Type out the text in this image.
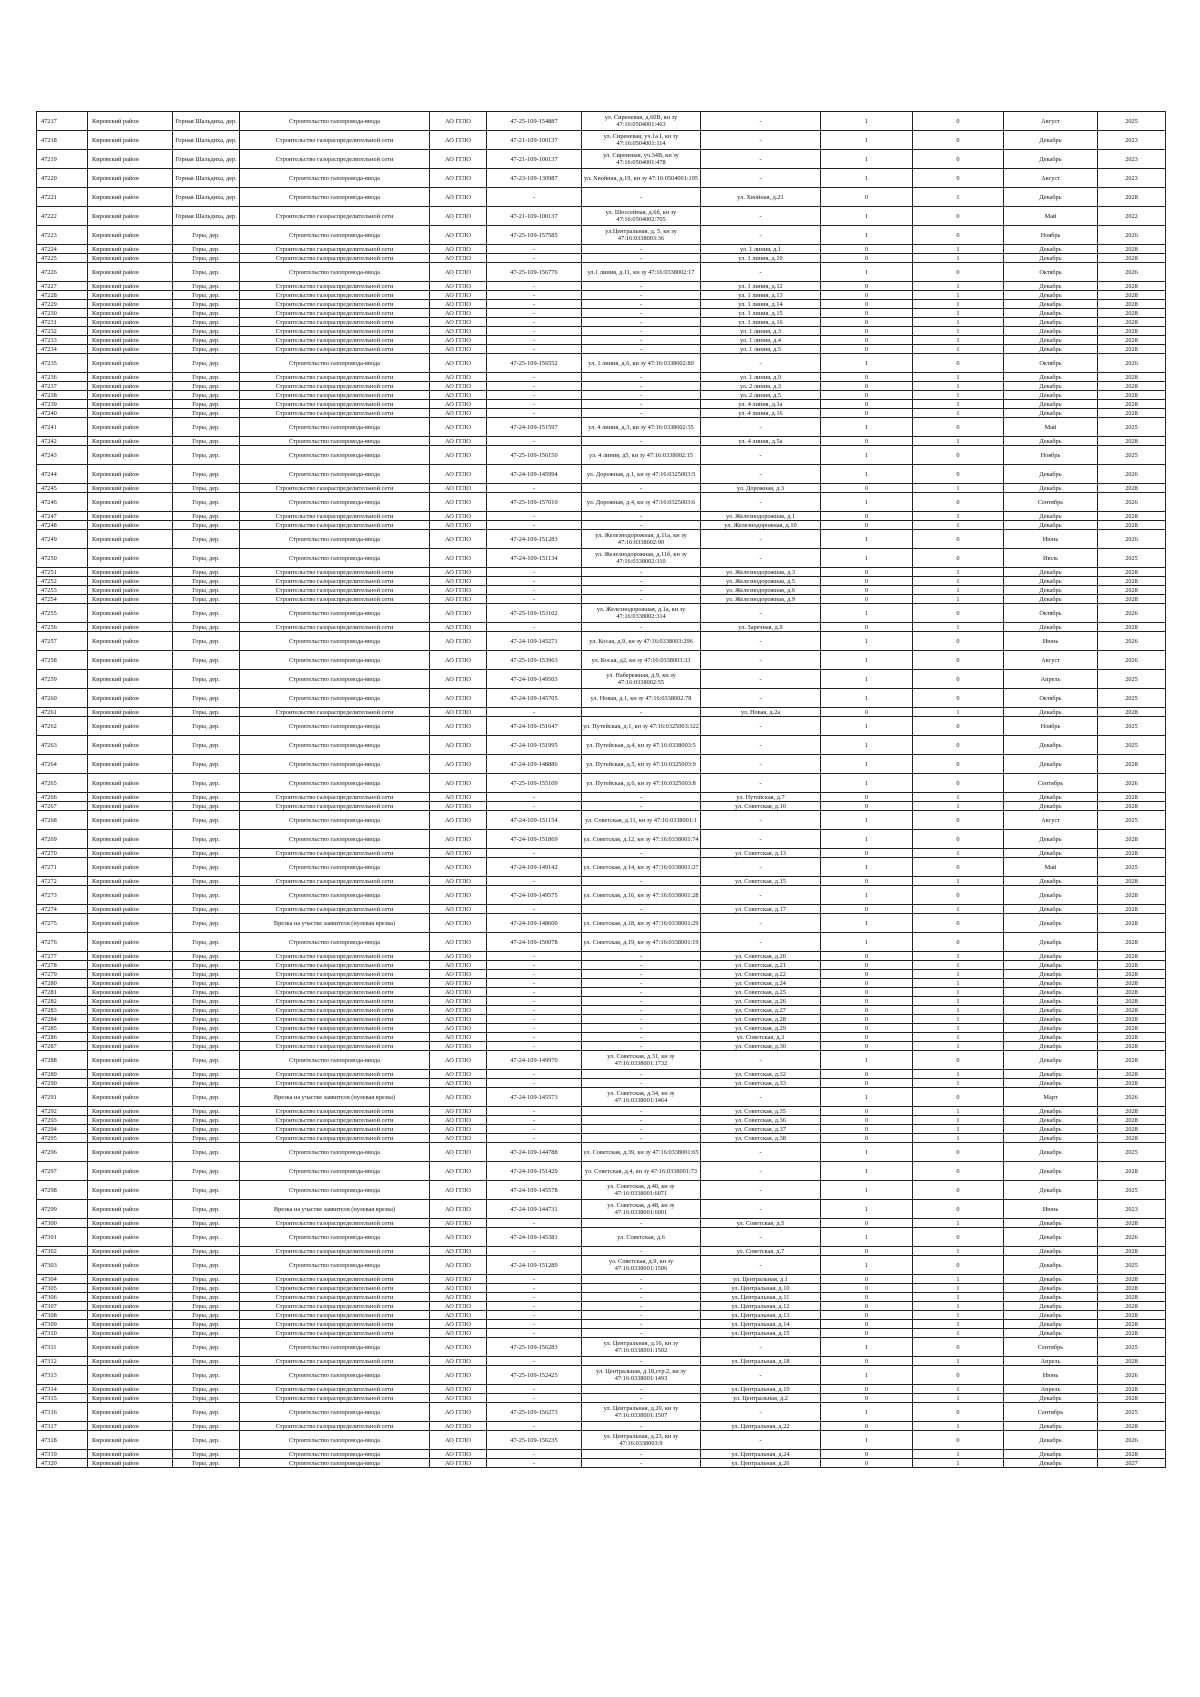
47217	Кировский район	Горная Шальдиха, дер.	Строительство газопровода-ввода	АО ГГЛО	47-25-109-154887	ул. Сиреневая, д.60В, кн зу 47:16:0504001:463	-	1	0	Август	2025
47218	Кировский район	Горная Шальдиха, дер.	Строительство газораспределительной сети	АО ГГЛО	47-21-109-100137	ул. Сиреневая, уч.1а I, кн зу 47:16:0504001:114	-	1	0	Декабрь	2023
47219	Кировский район	Горная Шальдиха, дер.	Строительство газораспределительной сети	АО ГГЛО	47-21-109-100137	ул. Сиреневая, уч.34В, кн зу 47:16:0504001:478	-	1	0	Декабрь	2023
47220	Кировский район	Горная Шальдиха, дер.	Строительство газопровода-ввода	АО ГГЛО	47-23-109-130987	ул. Хвойная, д.19, кн зу 47:16:0504001:195	-	1	0	Август	2023
47221	Кировский район	Горная Шальдиха, дер.	Строительство газопровода-ввода	АО ГГЛО	-	-	ул. Хвойная, д.21	0	1	Декабрь	2028
47222	Кировский район	Горная Шальдиха, дер.	Строительство газораспределительной сети	АО ГГЛО	47-21-109-100137	ул. Шоссейная, д.6б, кн зу 47:16:0504002:705	-	1	0	Май	2022
47223	Кировский район	Горы, дер.	Строительство газопровода-ввода	АО ГГЛО	47-25-109-157585	ул.Центральная, д. 5, кн зу 47:16:0338003:36	-	1	0	Ноябрь	2026
47224	Кировский район	Горы, дер.	Строительство газораспределительной сети	АО ГГЛО	-	-	ул. 1 линия, д.1	0	1	Декабрь	2028
47225	Кировский район	Горы, дер.	Строительство газораспределительной сети	АО ГГЛО	-	-	ул. 1 линия, д.10	0	1	Декабрь	2028
47226	Кировский район	Горы, дер.	Строительство газопровода-ввода	АО ГГЛО	47-25-109-156776	ул.1 линия, д.11, кн зу 47:16:0338002:17	-	1	0	Октябрь	2026
47227	Кировский район	Горы, дер.	Строительство газораспределительной сети	АО ГГЛО	-	-	ул. 1 линия, д.12	0	1	Декабрь	2028
47228	Кировский район	Горы, дер.	Строительство газораспределительной сети	АО ГГЛО	-	-	ул. 1 линия, д.13	0	1	Декабрь	2028
47229	Кировский район	Горы, дер.	Строительство газораспределительной сети	АО ГГЛО	-	-	ул. 1 линия, д.14	0	1	Декабрь	2028
47230	Кировский район	Горы, дер.	Строительство газораспределительной сети	АО ГГЛО	-	-	ул. 1 линия, д.15	0	1	Декабрь	2028
47231	Кировский район	Горы, дер.	Строительство газораспределительной сети	АО ГГЛО	-	-	ул. 1 линия, д.16	0	1	Декабрь	2028
47232	Кировский район	Горы, дер.	Строительство газораспределительной сети	АО ГГЛО	-	-	ул. 1 линия, д.3	0	1	Декабрь	2028
47233	Кировский район	Горы, дер.	Строительство газораспределительной сети	АО ГГЛО	-	-	ул. 1 линия, д.4	0	1	Декабрь	2028
47234	Кировский район	Горы, дер.	Строительство газораспределительной сети	АО ГГЛО	-	-	ул. 1 линия, д.5	0	1	Декабрь	2028
47235	Кировский район	Горы, дер.	Строительство газопровода-ввода	АО ГГЛО	47-25-109-156552	ул. 1 линия, д.6, кн зу 47:16:0338002:80	-	1	0	Октябрь	2026
47236	Кировский район	Горы, дер.	Строительство газораспределительной сети	АО ГГЛО	-	-	ул. 1 линия, д.9	0	1	Декабрь	2028
47237	Кировский район	Горы, дер.	Строительство газораспределительной сети	АО ГГЛО	-	-	ул. 2 линия, д.3	0	1	Декабрь	2028
47238	Кировский район	Горы, дер.	Строительство газораспределительной сети	АО ГГЛО	-	-	ул. 2 линия, д.5	0	1	Декабрь	2028
47239	Кировский район	Горы, дер.	Строительство газораспределительной сети	АО ГГЛО	-	-	ул. 4 линия, д.1а	0	1	Декабрь	2028
47240	Кировский район	Горы, дер.	Строительство газораспределительной сети	АО ГГЛО	-	-	ул. 4 линия, д.16	0	1	Декабрь	2028
47241	Кировский район	Горы, дер.	Строительство газопровода-ввода	АО ГГЛО	47-24-109-151597	ул. 4 линия, д.3, кн зу 47:16:0338002:35	-	1	0	Май	2025
47242	Кировский район	Горы, дер.	Строительство газопровода-ввода	АО ГГЛО	-	-	ул. 4 линия, д.5а	0	1	Декабрь	2028
47243	Кировский район	Горы, дер.	Строительство газопровода-ввода	АО ГГЛО	47-25-109-156150	ул. 4 линия, д5, кн зу 47:16:0338002:15	-	1	0	Ноябрь	2025
47244	Кировский район	Горы, дер.	Строительство газопровода-ввода	АО ГГЛО	47-24-109-145994	ул. Дорожная, д.1, кн зу 47:16:0325003:5	-	1	0	Декабрь	2026
47245	Кировский район	Горы, дер.	Строительство газораспределительной сети	АО ГГЛО	-	-	ул. Дорожная, д.3	0	1	Декабрь	2028
47246	Кировский район	Горы, дер.	Строительство газопровода-ввода	АО ГГЛО	47-25-109-157010	ул. Дорожная, д.4, кн зу 47:16:0325003:6	-	1	0	Сентябрь	2026
47247	Кировский район	Горы, дер.	Строительство газораспределительной сети	АО ГГЛО	-	-	ул. Железнодорожная, д.1	0	1	Декабрь	2028
47248	Кировский район	Горы, дер.	Строительство газораспределительной сети	АО ГГЛО	-	-	ул. Железнодорожная, д.10	0	1	Декабрь	2028
47249	Кировский район	Горы, дер.	Строительство газопровода-ввода	АО ГГЛО	47-24-109-151283	ул. Железнодорожная, д.11а, кн зу 47:16:0338002:90	-	1	0	Июнь	2026
47250	Кировский район	Горы, дер.	Строительство газопровода-ввода	АО ГГЛО	47-24-109-151134	ул. Железнодорожная, д.11б, кн зу 47:16:0338002:310	-	1	0	Июль	2025
47251	Кировский район	Горы, дер.	Строительство газораспределительной сети	АО ГГЛО	-	-	ул. Железнодорожная, д.3	0	1	Декабрь	2028
47252	Кировский район	Горы, дер.	Строительство газораспределительной сети	АО ГГЛО	-	-	ул. Железнодорожная, д.5	0	1	Декабрь	2028
47253	Кировский район	Горы, дер.	Строительство газораспределительной сети	АО ГГЛО	-	-	ул. Железнодорожная, д.6	0	1	Декабрь	2028
47254	Кировский район	Горы, дер.	Строительство газораспределительной сети	АО ГГЛО	-	-	ул. Железнодорожная, д.9	0	1	Декабрь	2028
47255	Кировский район	Горы, дер.	Строительство газопровода-ввода	АО ГГЛО	47-25-109-153102	ул. Железнодорожная, д.1а, кн зу 47:16:0338002:314	-	1	0	Октябрь	2026
47256	Кировский район	Горы, дер.	Строительство газораспределительной сети	АО ГГЛО	-	-	ул. Заречная, д.9	0	1	Декабрь	2028
47257	Кировский район	Горы, дер.	Строительство газопровода-ввода	АО ГГЛО	47-24-109-145271	ул. Косая, д.9, кн зу 47:16:0338003:296	-	1	0	Июнь	2026
47258	Кировский район	Горы, дер.	Строительство газопровода-ввода	АО ГГЛО	47-25-109-153963	ул. Косая, д2, кн зу 47:16:0338003:33	-	1	0	Август	2026
47259	Кировский район	Горы, дер.	Строительство газопровода-ввода	АО ГГЛО	47-24-109-149503	ул. Набережная, д.9, кн зу 47:16:0338002:55	-	1	0	Апрель	2025
47260	Кировский район	Горы, дер.	Строительство газопровода-ввода	АО ГГЛО	47-24-109-145705	ул. Новая, д.1, кн зу 47:16:0338002:78	-	1	0	Октябрь	2025
47261	Кировский район	Горы, дер.	Строительство газораспределительной сети	АО ГГЛО	-	-	ул. Новая, д.2а	0	1	Декабрь	2028
47262	Кировский район	Горы, дер.	Строительство газопровода-ввода	АО ГГЛО	47-24-109-151647	ул. Путейская, д.1, кн зу 47:16:0325003:322	-	1	0	Ноябрь	2025
47263	Кировский район	Горы, дер.	Строительство газопровода-ввода	АО ГГЛО	47-24-109-151995	ул. Путейская, д.4, кн зу 47:16:0338003:5	-	1	0	Декабрь	2025
47264	Кировский район	Горы, дер.	Строительство газопровода-ввода	АО ГГЛО	47-24-109-148886	ул. Путейская, д.5, кн зу 47:16:0325003:9	-	1	0	Декабрь	2028
47265	Кировский район	Горы, дер.	Строительство газопровода-ввода	АО ГГЛО	47-25-109-155109	ул. Путейская, д.6, кн зу 47:16:0325003:8	-	1	0	Сентябрь	2026
47266	Кировский район	Горы, дер.	Строительство газораспределительной сети	АО ГГЛО	-	-	ул. Путейская, д.7	0	1	Декабрь	2028
47267	Кировский район	Горы, дер.	Строительство газораспределительной сети	АО ГГЛО	-	-	ул. Советская, д.10	0	1	Декабрь	2028
47268	Кировский район	Горы, дер.	Строительство газопровода-ввода	АО ГГЛО	47-24-109-151154	ул. Советская, д.11, кн зу 47:16:0338001:1	-	1	0	Август	2025
47269	Кировский район	Горы, дер.	Строительство газопровода-ввода	АО ГГЛО	47-24-109-151869	ул. Советская, д.12, кн зу 47:16:0338001:74	-	1	0	Декабрь	2028
47270	Кировский район	Горы, дер.	Строительство газораспределительной сети	АО ГГЛО	-	-	ул. Советская, д.13	0	1	Декабрь	2028
47271	Кировский район	Горы, дер.	Строительство газопровода-ввода	АО ГГЛО	47-24-109-149142	ул. Советская, д.14, кн зу 47:16:0338001:27	-	1	0	Май	2025
47272	Кировский район	Горы, дер.	Строительство газораспределительной сети	АО ГГЛО	-	-	ул. Советская, д.15	0	1	Декабрь	2028
47273	Кировский район	Горы, дер.	Строительство газопровода-ввода	АО ГГЛО	47-24-109-149575	ул. Советская, д.16, кн зу 47:16:0338001:28	-	1	0	Декабрь	2028
47274	Кировский район	Горы, дер.	Строительство газораспределительной сети	АО ГГЛО	-	-	ул. Советская, д.17	0	1	Декабрь	2028
47275	Кировский район	Горы, дер.	Врезка на участке заявителя (нулевая врезка)	АО ГГЛО	47-24-109-148600	ул. Советская, д.18, кн зу 47:16:0338001:29	-	1	0	Декабрь	2028
47276	Кировский район	Горы, дер.	Строительство газопровода-ввода	АО ГГЛО	47-24-109-150078	ул. Советская, д.19, кн зу 47:16:0338001:19	-	1	0	Декабрь	2028
47277	Кировский район	Горы, дер.	Строительство газораспределительной сети	АО ГГЛО	-	-	ул. Советская, д.20	0	1	Декабрь	2028
47278	Кировский район	Горы, дер.	Строительство газораспределительной сети	АО ГГЛО	-	-	ул. Советская, д.21	0	1	Декабрь	2028
47279	Кировский район	Горы, дер.	Строительство газораспределительной сети	АО ГГЛО	-	-	ул. Советская, д.22	0	1	Декабрь	2028
47280	Кировский район	Горы, дер.	Строительство газораспределительной сети	АО ГГЛО	-	-	ул. Советская, д.24	0	1	Декабрь	2028
47281	Кировский район	Горы, дер.	Строительство газораспределительной сети	АО ГГЛО	-	-	ул. Советская, д.25	0	1	Декабрь	2028
47282	Кировский район	Горы, дер.	Строительство газораспределительной сети	АО ГГЛО	-	-	ул. Советская, д.26	0	1	Декабрь	2028
47283	Кировский район	Горы, дер.	Строительство газораспределительной сети	АО ГГЛО	-	-	ул. Советская, д.27	0	1	Декабрь	2028
47284	Кировский район	Горы, дер.	Строительство газораспределительной сети	АО ГГЛО	-	-	ул. Советская, д.28	0	1	Декабрь	2028
47285	Кировский район	Горы, дер.	Строительство газораспределительной сети	АО ГГЛО	-	-	ул. Советская, д.29	0	1	Декабрь	2028
47286	Кировский район	Горы, дер.	Строительство газораспределительной сети	АО ГГЛО	-	-	ул. Советская, д.3	0	1	Декабрь	2028
47287	Кировский район	Горы, дер.	Строительство газораспределительной сети	АО ГГЛО	-	-	ул. Советская, д.30	0	1	Декабрь	2028
47288	Кировский район	Горы, дер.	Строительство газопровода-ввода	АО ГГЛО	47-24-109-149970	ул. Советская, д.31, кн зу 47:16:0338001:1732	-	1	0	Декабрь	2028
47289	Кировский район	Горы, дер.	Строительство газораспределительной сети	АО ГГЛО	-	-	ул. Советская, д.32	0	1	Декабрь	2028
47290	Кировский район	Горы, дер.	Строительство газораспределительной сети	АО ГГЛО	-	-	ул. Советская, д.33	0	1	Декабрь	2028
47291	Кировский район	Горы, дер.	Врезка на участке заявителя (нулевая врезка)	АО ГГЛО	47-24-109-145573	ул. Советская, д.34, кн зу 47:16:0338001:1464	-	1	0	Март	2026
47292	Кировский район	Горы, дер.	Строительство газораспределительной сети	АО ГГЛО	-	-	ул. Советская, д.35	0	1	Декабрь	2028
47293	Кировский район	Горы, дер.	Строительство газораспределительной сети	АО ГГЛО	-	-	ул. Советская, д.36	0	1	Декабрь	2028
47294	Кировский район	Горы, дер.	Строительство газораспределительной сети	АО ГГЛО	-	-	ул. Советская, д.37	0	1	Декабрь	2028
47295	Кировский район	Горы, дер.	Строительство газораспределительной сети	АО ГГЛО	-	-	ул. Советская, д.38	0	1	Декабрь	2028
47296	Кировский район	Горы, дер.	Строительство газопровода-ввода	АО ГГЛО	47-24-109-144788	ул. Советская, д.39, кн зу 47:16:0338001:65	-	1	0	Декабрь	2025
47297	Кировский район	Горы, дер.	Строительство газопровода-ввода	АО ГГЛО	47-24-109-151429	ул. Советская, д.4, кн зу 47:16:0338001:73	-	1	0	Декабрь	2028
47298	Кировский район	Горы, дер.	Строительство газопровода-ввода	АО ГГЛО	47-24-109-145578	ул. Советская, д.40, кн зу 47:16:0338001:6071	-	1	0	Декабрь	2025
47299	Кировский район	Горы, дер.	Врезка на участке заявителя (нулевая врезка)	АО ГГЛО	47-24-109-144731	ул. Советская, д.48, кн зу 47:16:0338001:6001	-	1	0	Июнь	2023
47300	Кировский район	Горы, дер.	Строительство газораспределительной сети	АО ГГЛО	-	-	ул. Советская, д.5	0	1	Декабрь	2028
47301	Кировский район	Горы, дер.	Строительство газопровода-ввода	АО ГГЛО	47-24-109-145381	ул. Советская, д.6	-	1	0	Декабрь	2026
47302	Кировский район	Горы, дер.	Строительство газораспределительной сети	АО ГГЛО	-	-	ул. Советская, д.7	0	1	Декабрь	2028
47303	Кировский район	Горы, дер.	Строительство газопровода-ввода	АО ГГЛО	47-24-109-151289	ул. Советская, д.9, кн зу 47:16:0338001:1506	-	1	0	Декабрь	2025
47304	Кировский район	Горы, дер.	Строительство газораспределительной сети	АО ГГЛО	-	-	ул. Центральная, д.1	0	1	Декабрь	2028
47305	Кировский район	Горы, дер.	Строительство газораспределительной сети	АО ГГЛО	-	-	ул. Центральная, д.10	0	1	Декабрь	2028
47306	Кировский район	Горы, дер.	Строительство газораспределительной сети	АО ГГЛО	-	-	ул. Центральная, д.11	0	1	Декабрь	2028
47307	Кировский район	Горы, дер.	Строительство газораспределительной сети	АО ГГЛО	-	-	ул. Центральная, д.12	0	1	Декабрь	2028
47308	Кировский район	Горы, дер.	Строительство газораспределительной сети	АО ГГЛО	-	-	ул. Центральная, д.13	0	1	Декабрь	2028
47309	Кировский район	Горы, дер.	Строительство газораспределительной сети	АО ГГЛО	-	-	ул. Центральная, д.14	0	1	Декабрь	2028
47310	Кировский район	Горы, дер.	Строительство газораспределительной сети	АО ГГЛО	-	-	ул. Центральная, д.15	0	1	Декабрь	2028
47311	Кировский район	Горы, дер.	Строительство газопровода-ввода	АО ГГЛО	47-25-109-156283	ул. Центральная, д.16, кн зу 47:16:0338001:1502	-	1	0	Сентябрь	2025
47312	Кировский район	Горы, дер.	Строительство газораспределительной сети	АО ГГЛО	-	-	ул. Центральная, д.18	0	1	Апрель	2028
47313	Кировский район	Горы, дер.	Строительство газопровода-ввода	АО ГГЛО	47-25-109-152425	ул. Центральная, д.18,стр.2, кн зу 47:16:0338001:1493	-	1	0	Июнь	2026
47314	Кировский район	Горы, дер.	Строительство газораспределительной сети	АО ГГЛО	-	-	ул. Центральная, д.19	0	1	Апрель	2028
47315	Кировский район	Горы, дер.	Строительство газораспределительной сети	АО ГГЛО	-	-	ул. Центральная, д.2	0	1	Декабрь	2028
47316	Кировский район	Горы, дер.	Строительство газопровода-ввода	АО ГГЛО	47-25-109-156273	ул. Центральная, д.20, кн зу 47:16:0338001:1507	-	1	0	Сентябрь	2025
47317	Кировский район	Горы, дер.	Строительство газораспределительной сети	АО ГГЛО	-	-	ул. Центральная, д.22	0	1	Декабрь	2028
47318	Кировский район	Горы, дер.	Строительство газопровода-ввода	АО ГГЛО	47-25-109-156235	ул. Центральная, д.23, кн зу 47:16:0338003:9	-	1	0	Декабрь	2026
47319	Кировский район	Горы, дер.	Строительство газопровода-ввода	АО ГГЛО	-	-	ул. Центральная, д.24	0	1	Декабрь	2028
47320	Кировский район	Горы, дер.	Строительство газопровода-ввода	АО ГГЛО	-	-	ул. Центральная, д.26	0	1	Декабрь	2027
